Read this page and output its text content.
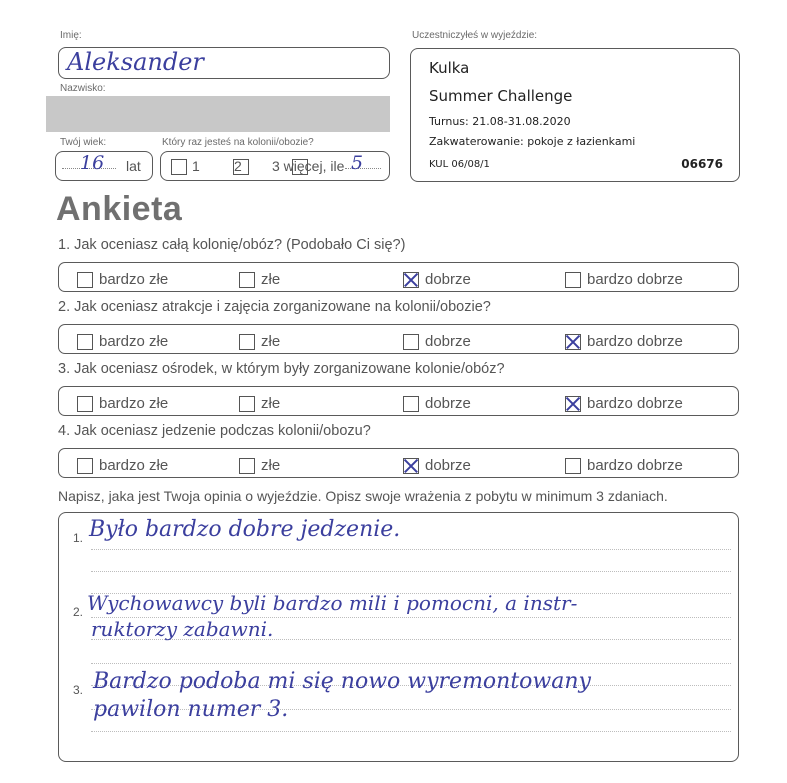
Imię:
Aleksander
Nazwisko:
Twój wiek:
16 lat
Który raz jesteś na kolonii/obozie?

1
2 3 więcej, ile 5
Uczestniczyłeś w wyjeździe:
Kulka
Summer Challenge
Turnus: 21.08-31.08.2020
Zakwaterowanie: pokoje z łazienkami
KUL 06/08/1	06676
Ankieta
1. Jak oceniasz całą kolonię/obóz? (Podobało Ci się?)
bardzo złe	złe	dobrze	bardzo dobrze
2. Jak oceniasz atrakcje i zajęcia zorganizowane na kolonii/obozie?
bardzo złe	złe	dobrze	bardzo dobrze
3. Jak oceniasz ośrodek, w którym były zorganizowane kolonie/obóz?
bardzo złe	złe	dobrze	bardzo dobrze
4. Jak oceniasz jedzenie podczas kolonii/obozu?
bardzo złe	złe	dobrze	bardzo dobrze
Napisz, jaka jest Twoja opinia o wyjeździe. Opisz swoje wrażenia z pobytu w minimum 3 zdaniach.
1. Było bardzo dobre jedzenie.
2. Wychowawcy byli bardzo mili i pomocni, a instr-
ruktorzy zabawni.
3. Bardzo podoba mi się nowo wyremontowany
pawilon numer 3.
